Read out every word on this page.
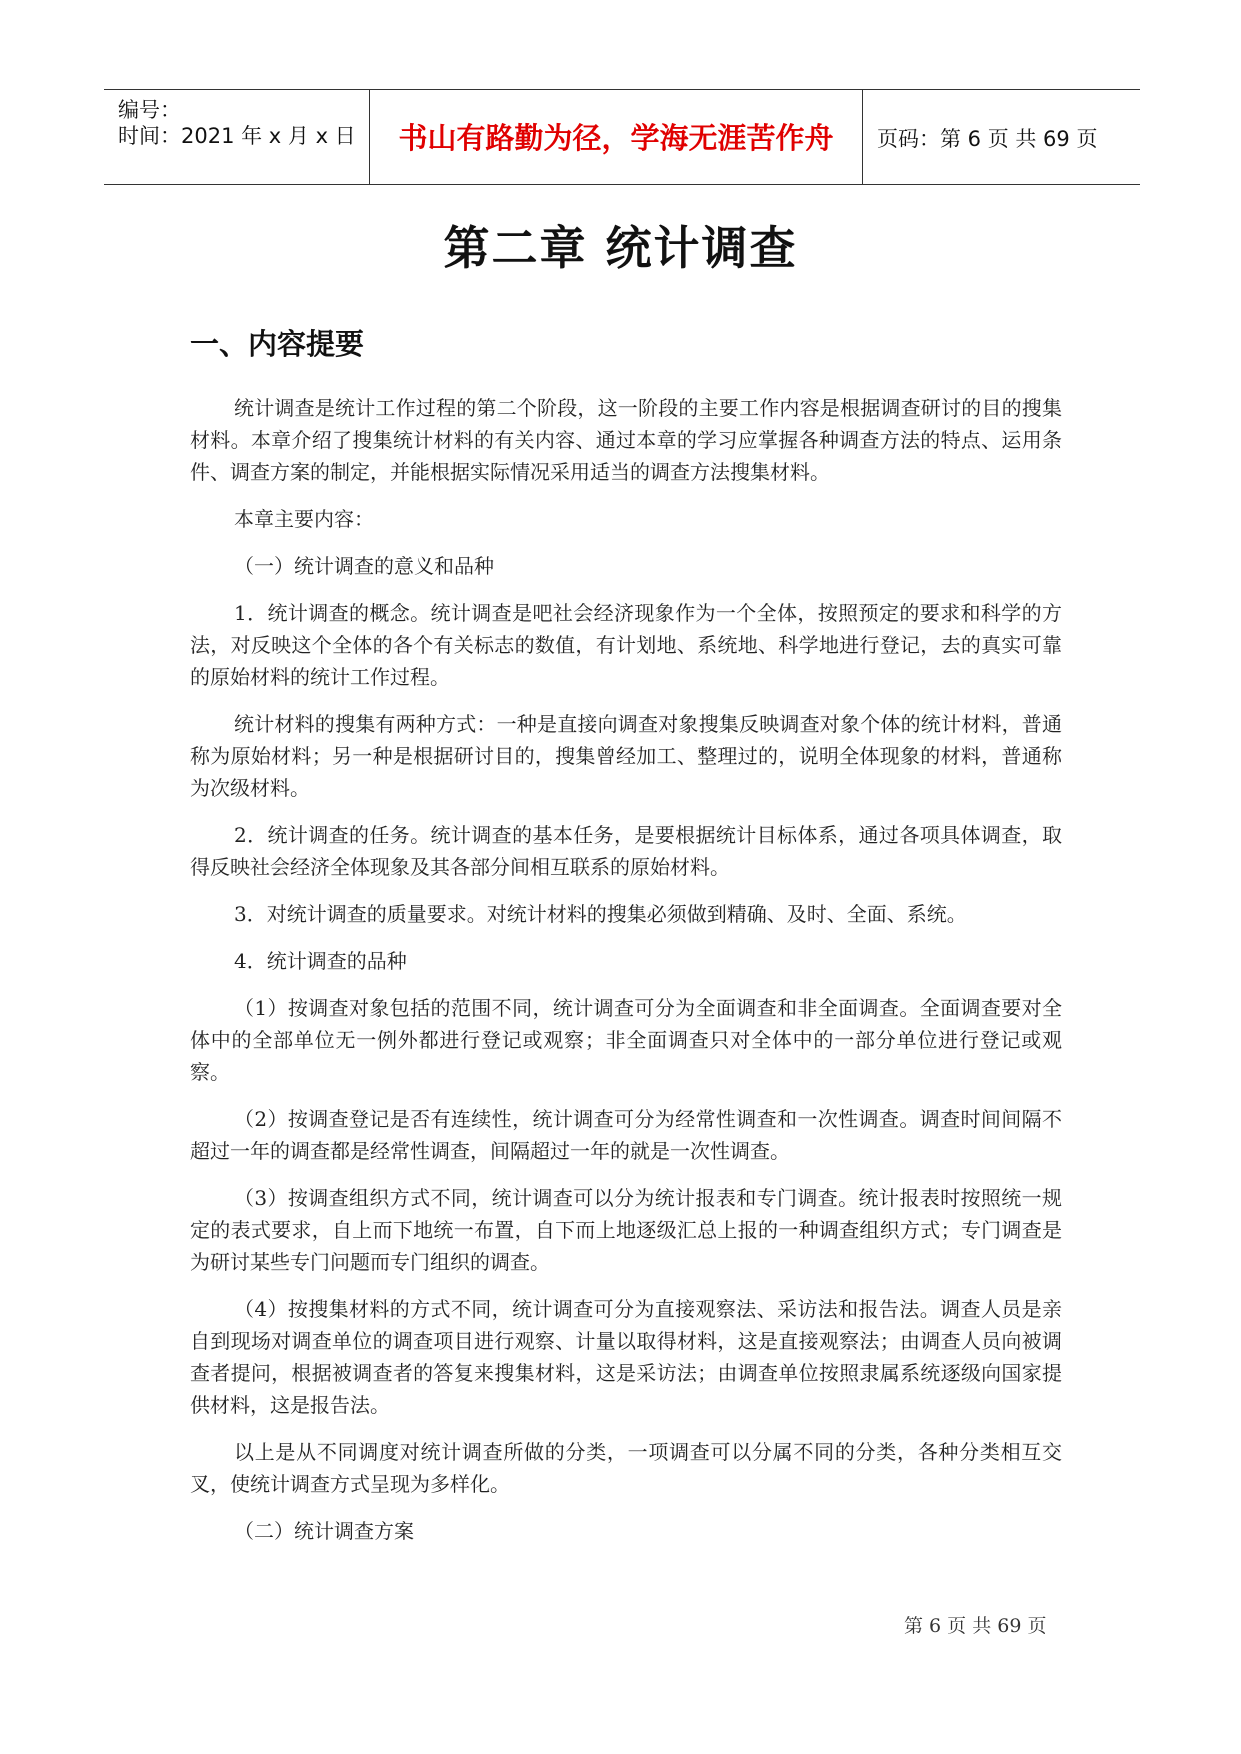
编号：
时间：2021 年 x 月 x 日	书山有路勤为径，学海无涯苦作舟	页码：第 6 页 共 69 页
第二章 统计调查
一、内容提要

统计调查是统计工作过程的第二个阶段，这一阶段的主要工作内容是根据调查研讨的目的搜集材料。本章介绍了搜集统计材料的有关内容、通过本章的学习应掌握各种调查方法的特点、运用条件、调查方案的制定，并能根据实际情况采用适当的调查方法搜集材料。

本章主要内容：

（一）统计调查的意义和品种

1．统计调查的概念。统计调查是吧社会经济现象作为一个全体，按照预定的要求和科学的方法，对反映这个全体的各个有关标志的数值，有计划地、系统地、科学地进行登记，去的真实可靠的原始材料的统计工作过程。

统计材料的搜集有两种方式：一种是直接向调查对象搜集反映调查对象个体的统计材料，普通称为原始材料；另一种是根据研讨目的，搜集曾经加工、整理过的，说明全体现象的材料，普通称为次级材料。

2．统计调查的任务。统计调查的基本任务，是要根据统计目标体系，通过各项具体调查，取得反映社会经济全体现象及其各部分间相互联系的原始材料。

3．对统计调查的质量要求。对统计材料的搜集必须做到精确、及时、全面、系统。

4．统计调查的品种

（1）按调查对象包括的范围不同，统计调查可分为全面调查和非全面调查。全面调查要对全体中的全部单位无一例外都进行登记或观察；非全面调查只对全体中的一部分单位进行登记或观察。

（2）按调查登记是否有连续性，统计调查可分为经常性调查和一次性调查。调查时间间隔不超过一年的调查都是经常性调查，间隔超过一年的就是一次性调查。

（3）按调查组织方式不同，统计调查可以分为统计报表和专门调查。统计报表时按照统一规定的表式要求，自上而下地统一布置，自下而上地逐级汇总上报的一种调查组织方式；专门调查是为研讨某些专门问题而专门组织的调查。

（4）按搜集材料的方式不同，统计调查可分为直接观察法、采访法和报告法。调查人员是亲自到现场对调查单位的调查项目进行观察、计量以取得材料，这是直接观察法；由调查人员向被调查者提问，根据被调查者的答复来搜集材料，这是采访法；由调查单位按照隶属系统逐级向国家提供材料，这是报告法。

以上是从不同调度对统计调查所做的分类，一项调查可以分属不同的分类，各种分类相互交叉，使统计调查方式呈现为多样化。

（二）统计调查方案

第 6 页 共 69 页
